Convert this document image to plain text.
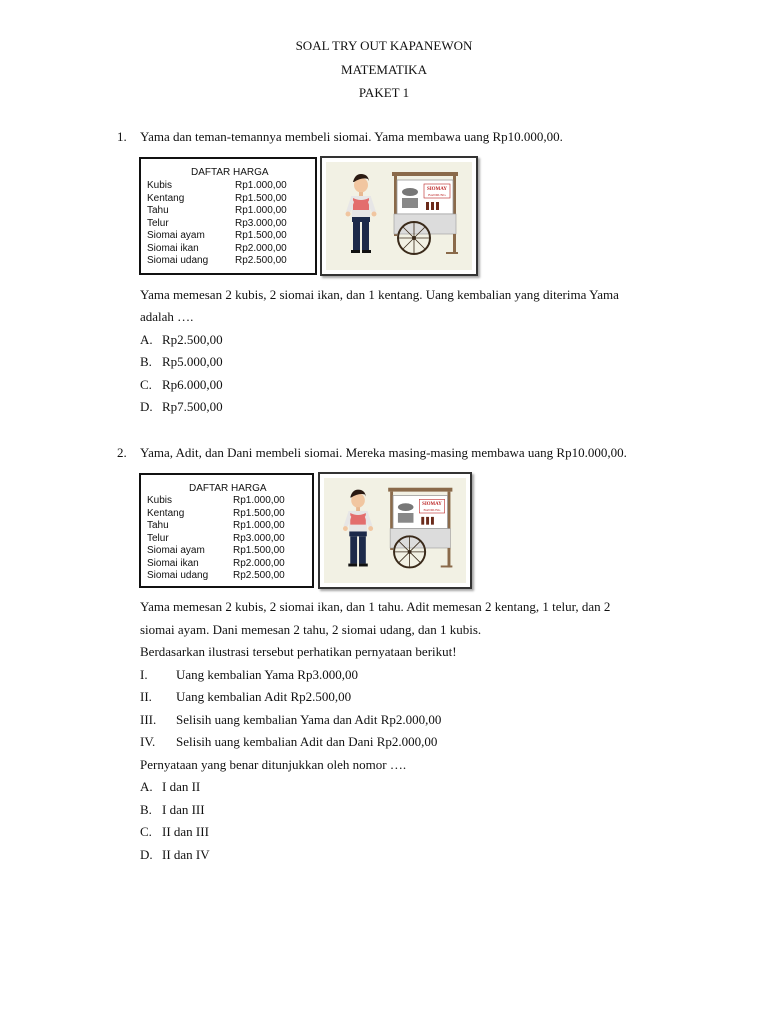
SOAL TRY OUT KAPANEWON
MATEMATIKA
PAKET 1
1. Yama dan teman-temannya membeli siomai. Yama membawa uang Rp10.000,00.
DAFTAR HARGA
Kubis	Rp1.000,00
Kentang	Rp1.500,00
Tahu	Rp1.000,00
Telur	Rp3.000,00
Siomai ayam	Rp1.500,00
Siomai ikan	Rp2.000,00
Siomai udang	Rp2.500,00
SIOMAY
BANDUNG
Yama memesan 2 kubis, 2 siomai ikan, dan 1 kentang. Uang kembalian yang diterima Yama
adalah ….
A. Rp2.500,00
B. Rp5.000,00
C. Rp6.000,00
D. Rp7.500,00
2. Yama, Adit, dan Dani membeli siomai. Mereka masing-masing membawa uang Rp10.000,00.
DAFTAR HARGA
Kubis	Rp1.000,00
Kentang	Rp1.500,00
Tahu	Rp1.000,00
Telur	Rp3.000,00
Siomai ayam	Rp1.500,00
Siomai ikan	Rp2.000,00
Siomai udang Rp2.500,00
SIOMAY
BANDUNG
Yama memesan 2 kubis, 2 siomai ikan, dan 1 tahu. Adit memesan 2 kentang, 1 telur, dan 2
siomai ayam. Dani memesan 2 tahu, 2 siomai udang, dan 1 kubis.
Berdasarkan ilustrasi tersebut perhatikan pernyataan berikut!
I. Uang kembalian Yama Rp3.000,00
II. Uang kembalian Adit Rp2.500,00
III. Selisih uang kembalian Yama dan Adit Rp2.000,00
IV. Selisih uang kembalian Adit dan Dani Rp2.000,00
Pernyataan yang benar ditunjukkan oleh nomor ….
A. I dan II
B. I dan III
C. II dan III
D. II dan IV
